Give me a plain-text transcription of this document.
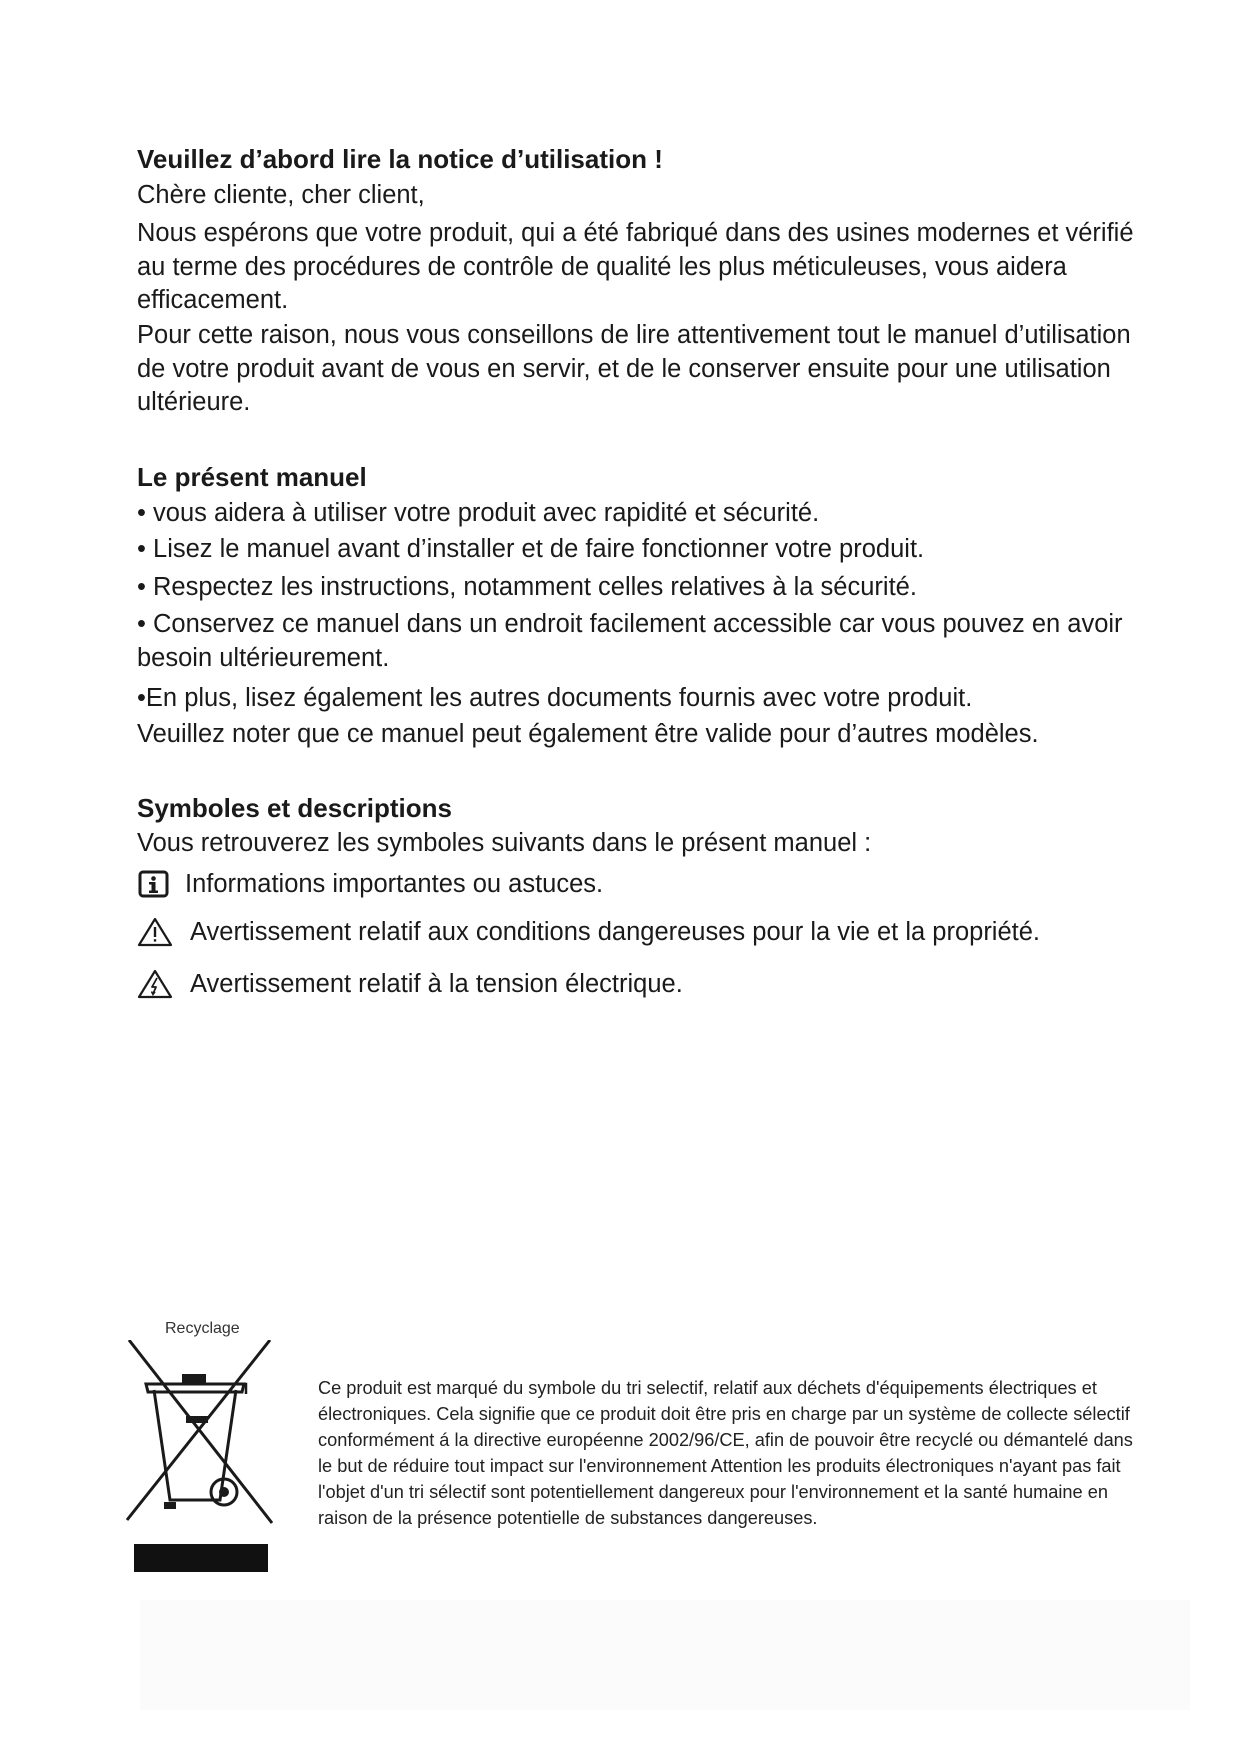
Veuillez d’abord lire la notice d’utilisation !

Chère cliente, cher client,

Nous espérons que votre produit, qui a été fabriqué dans des usines modernes et vérifié au terme des procédures de contrôle de qualité les plus méticuleuses, vous aidera efficacement.

Pour cette raison, nous vous conseillons de lire attentivement tout le manuel d’utilisation de votre produit avant de vous en servir, et de le conserver ensuite pour une utilisation ultérieure.

Le présent manuel

• vous aidera à utiliser votre produit avec rapidité et sécurité.

• Lisez le manuel avant d’installer et de faire fonctionner votre produit.

• Respectez les instructions, notamment celles relatives à la sécurité.

• Conservez ce manuel dans un endroit facilement accessible car vous pouvez en avoir besoin ultérieurement.

•En plus, lisez également les autres documents fournis avec votre produit.

Veuillez noter que ce manuel peut également être valide pour d’autres modèles.

Symboles et descriptions

Vous retrouverez les symboles suivants dans le présent manuel :

Informations importantes ou astuces.
Avertissement relatif aux conditions dangereuses pour la vie et la propriété.
Avertissement relatif à la tension électrique.
Recyclage

Ce produit est marqué du symbole du tri selectif, relatif aux déchets d'équipements électriques et électroniques. Cela signifie que ce produit doit être pris en charge par un système de collecte sélectif conformément á la directive européenne 2002/96/CE, afin de pouvoir être recyclé ou démantelé dans le but de réduire tout impact sur l'environnement Attention les produits électroniques n'ayant pas fait l'objet d'un tri sélectif sont potentiellement dangereux pour l'environnement et la santé humaine en raison de la présence potentielle de substances dangereuses.
